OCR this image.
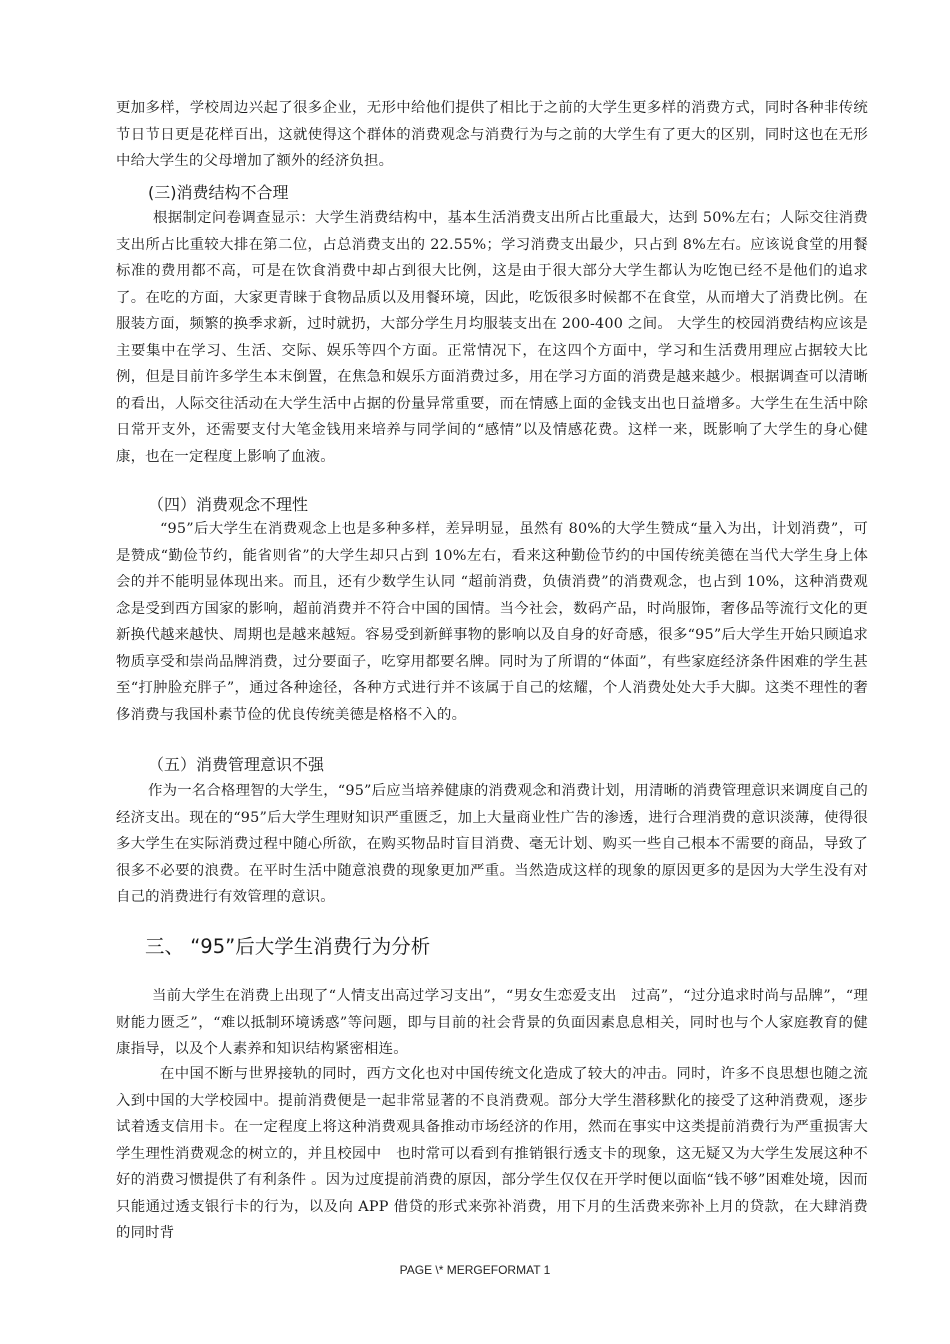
更加多样，学校周边兴起了很多企业，无形中给他们提供了相比于之前的大学生更多样的消费方式，同时各种非传统节日节日更是花样百出，这就使得这个群体的消费观念与消费行为与之前的大学生有了更大的区别，同时这也在无形中给大学生的父母增加了额外的经济负担。

(三)消费结构不合理

根据制定问卷调查显示：大学生消费结构中，基本生活消费支出所占比重最大，达到 50%左右；人际交往消费支出所占比重较大排在第二位，占总消费支出的 22.55%；学习消费支出最少，只占到 8%左右。应该说食堂的用餐标准的费用都不高，可是在饮食消费中却占到很大比例，这是由于很大部分大学生都认为吃饱已经不是他们的追求了。在吃的方面，大家更青睐于食物品质以及用餐环境，因此，吃饭很多时候都不在食堂，从而增大了消费比例。在服装方面，频繁的换季求新，过时就扔，大部分学生月均服装支出在 200-400 之间。 大学生的校园消费结构应该是主要集中在学习、生活、交际、娱乐等四个方面。正常情况下，在这四个方面中，学习和生活费用理应占据较大比例，但是目前许多学生本末倒置，在焦急和娱乐方面消费过多，用在学习方面的消费是越来越少。根据调查可以清晰的看出，人际交往活动在大学生活中占据的份量异常重要，而在情感上面的金钱支出也日益增多。大学生在生活中除日常开支外，还需要支付大笔金钱用来培养与同学间的“感情”以及情感花费。这样一来，既影响了大学生的身心健康，也在一定程度上影响了血液。

（四）消费观念不理性

“95”后大学生在消费观念上也是多种多样，差异明显，虽然有 80%的大学生赞成“量入为出，计划消费”，可是赞成“勤俭节约，能省则省”的大学生却只占到 10%左右，看来这种勤俭节约的中国传统美德在当代大学生身上体会的并不能明显体现出来。而且，还有少数学生认同 “超前消费，负债消费”的消费观念，也占到 10%，这种消费观念是受到西方国家的影响，超前消费并不符合中国的国情。当今社会，数码产品，时尚服饰，奢侈品等流行文化的更新换代越来越快、周期也是越来越短。容易受到新鲜事物的影响以及自身的好奇感，很多“95”后大学生开始只顾追求物质享受和崇尚品牌消费，过分要面子，吃穿用都要名牌。同时为了所谓的“体面”，有些家庭经济条件困难的学生甚至“打肿脸充胖子”，通过各种途径，各种方式进行并不该属于自己的炫耀，个人消费处处大手大脚。这类不理性的奢侈消费与我国朴素节俭的优良传统美德是格格不入的。

（五）消费管理意识不强

作为一名合格理智的大学生，“95”后应当培养健康的消费观念和消费计划，用清晰的消费管理意识来调度自己的经济支出。现在的“95”后大学生理财知识严重匮乏，加上大量商业性广告的渗透，进行合理消费的意识淡薄，使得很多大学生在实际消费过程中随心所欲，在购买物品时盲目消费、毫无计划、购买一些自己根本不需要的商品，导致了很多不必要的浪费。在平时生活中随意浪费的现象更加严重。当然造成这样的现象的原因更多的是因为大学生没有对自己的消费进行有效管理的意识。

三、 “95”后大学生消费行为分析

当前大学生在消费上出现了“人情支出高过学习支出”，“男女生恋爱支出　过高”，“过分追求时尚与品牌”，“理财能力匮乏”，“难以抵制环境诱惑”等问题，即与目前的社会背景的负面因素息息相关，同时也与个人家庭教育的健康指导，以及个人素养和知识结构紧密相连。

在中国不断与世界接轨的同时，西方文化也对中国传统文化造成了较大的冲击。同时，许多不良思想也随之流入到中国的大学校园中。提前消费便是一起非常显著的不良消费观。部分大学生潜移默化的接受了这种消费观，逐步试着透支信用卡。在一定程度上将这种消费观具备推动市场经济的作用，然而在事实中这类提前消费行为严重损害大学生理性消费观念的树立的，并且校园中　也时常可以看到有推销银行透支卡的现象，这无疑又为大学生发展这种不好的消费习惯提供了有利条件 。因为过度提前消费的原因，部分学生仅仅在开学时便以面临“钱不够”困难处境，因而只能通过透支银行卡的行为，以及向 APP 借贷的形式来弥补消费，用下月的生活费来弥补上月的贷款，在大肆消费的同时背

PAGE \* MERGEFORMAT 1
